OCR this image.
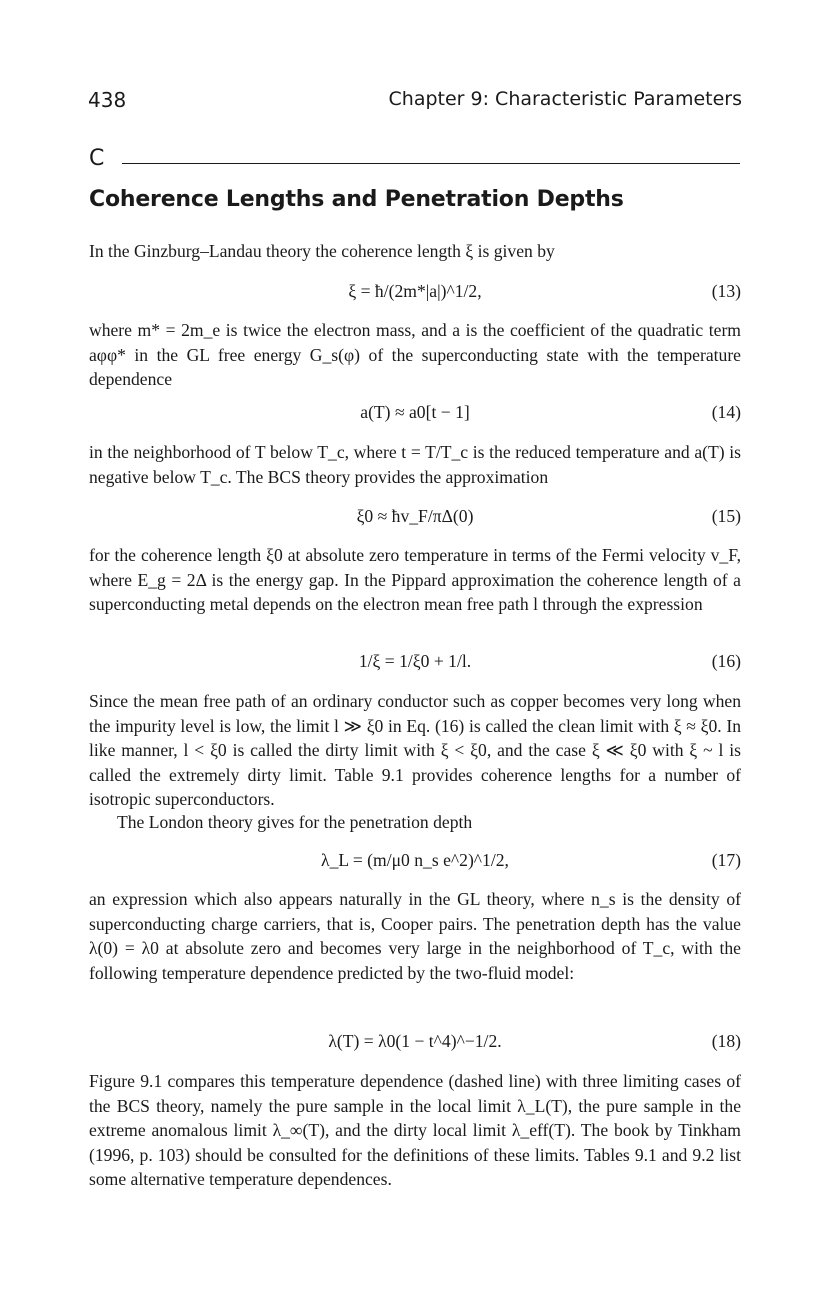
438	Chapter 9: Characteristic Parameters
C
Coherence Lengths and Penetration Depths

In the Ginzburg–Landau theory the coherence length ξ is given by

ξ = ħ/(2m*|a|)^1/2,	(13)

where m* = 2m_e is twice the electron mass, and a is the coefficient of the quadratic term aφφ* in the GL free energy G_s(φ) of the superconducting state with the temperature dependence

a(T) ≈ a0[t − 1]	(14)

in the neighborhood of T below T_c, where t = T/T_c is the reduced temperature and a(T) is negative below T_c. The BCS theory provides the approximation

ξ0 ≈ ħv_F/πΔ(0)	(15)

for the coherence length ξ0 at absolute zero temperature in terms of the Fermi velocity v_F, where E_g = 2Δ is the energy gap. In the Pippard approximation the coherence length of a superconducting metal depends on the electron mean free path l through the expression

1/ξ = 1/ξ0 + 1/l.	(16)

Since the mean free path of an ordinary conductor such as copper becomes very long when the impurity level is low, the limit l ≫ ξ0 in Eq. (16) is called the clean limit with ξ ≈ ξ0. In like manner, l < ξ0 is called the dirty limit with ξ < ξ0, and the case ξ ≪ ξ0 with ξ ~ l is called the extremely dirty limit. Table 9.1 provides coherence lengths for a number of isotropic superconductors.

The London theory gives for the penetration depth

λ_L = (m/μ0 n_s e^2)^1/2,	(17)

an expression which also appears naturally in the GL theory, where n_s is the density of superconducting charge carriers, that is, Cooper pairs. The penetration depth has the value λ(0) = λ0 at absolute zero and becomes very large in the neighborhood of T_c, with the following temperature dependence predicted by the two-fluid model:

λ(T) = λ0(1 − t^4)^−1/2.	(18)

Figure 9.1 compares this temperature dependence (dashed line) with three limiting cases of the BCS theory, namely the pure sample in the local limit λ_L(T), the pure sample in the extreme anomalous limit λ_∞(T), and the dirty local limit λ_eff(T). The book by Tinkham (1996, p. 103) should be consulted for the definitions of these limits. Tables 9.1 and 9.2 list some alternative temperature dependences.
